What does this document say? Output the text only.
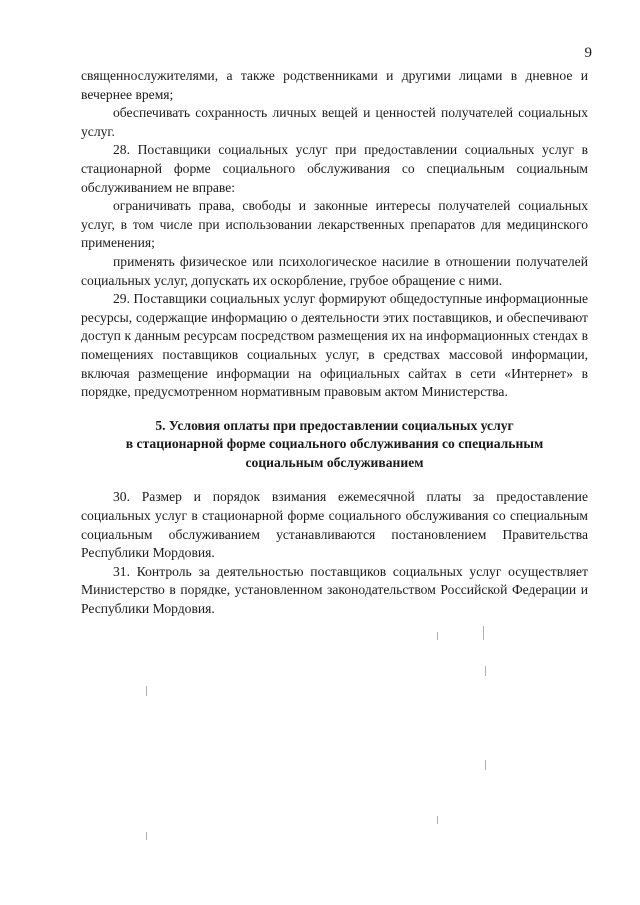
9

священнослужителями, а также родственниками и другими лицами в дневное и вечернее время;

обеспечивать сохранность личных вещей и ценностей получателей социальных услуг.

28. Поставщики социальных услуг при предоставлении социальных услуг в стационарной форме социального обслуживания со специальным социальным обслуживанием не вправе:

ограничивать права, свободы и законные интересы получателей социальных услуг, в том числе при использовании лекарственных препаратов для медицинского применения;

применять физическое или психологическое насилие в отношении получателей социальных услуг, допускать их оскорбление, грубое обращение с ними.

29. Поставщики социальных услуг формируют общедоступные информационные ресурсы, содержащие информацию о деятельности этих поставщиков, и обеспечивают доступ к данным ресурсам посредством размещения их на информационных стендах в помещениях поставщиков социальных услуг, в средствах массовой информации, включая размещение информации на официальных сайтах в сети «Интернет» в порядке, предусмотренном нормативным правовым актом Министерства.

5. Условия оплаты при предоставлении социальных услуг
в стационарной форме социального обслуживания со специальным
социальным обслуживанием

30. Размер и порядок взимания ежемесячной платы за предоставление социальных услуг в стационарной форме социального обслуживания со специальным социальным обслуживанием устанавливаются постановлением Правительства Республики Мордовия.

31. Контроль за деятельностью поставщиков социальных услуг осуществляет Министерство в порядке, установленном законодательством Российской Федерации и Республики Мордовия.
